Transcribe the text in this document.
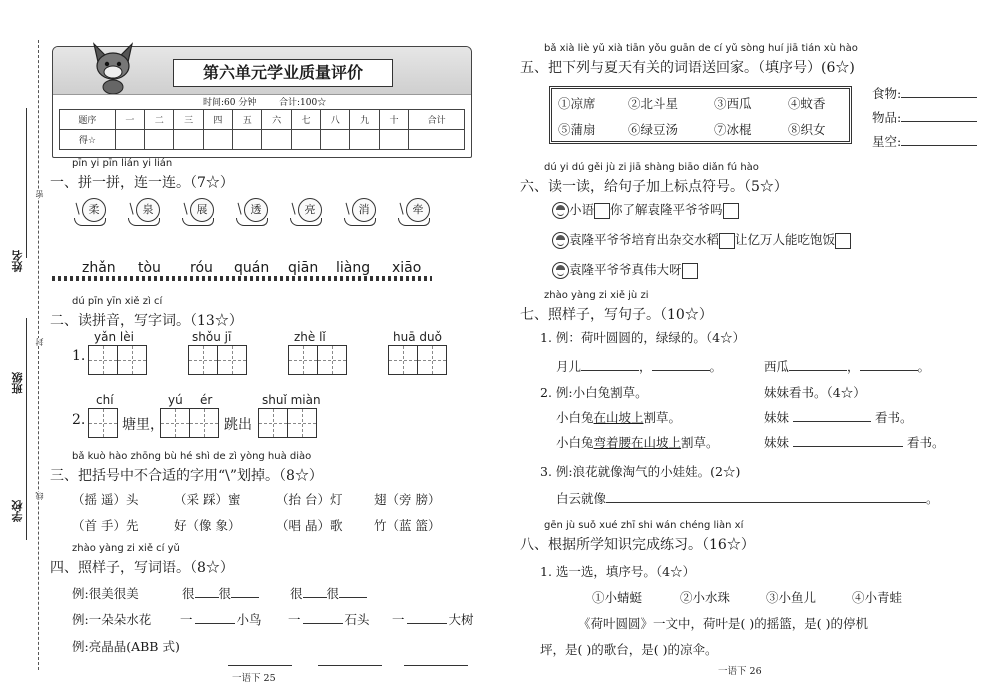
姓名
班级
学校
密
封
线
第六单元学业质量评价
时间:60 分钟	合计:100☆
题序	一	二	三	四	五	六	七	八	九	十	合计
得☆											
pīn yi pīn lián yi lián
一、拼一拼，连一连。（7☆）
柔	泉	展	透	亮	消	牵
zhǎn tòu róu quán qiān liàng xiāo
dú pīn yīn xiě zì cí
二、读拼音，写字词。（13☆）
1.
yǎn lèi	shǒu jī	zhè lǐ	huā duǒ
2.
chí
塘里，
yú ér
跳出
shuǐ miàn
bǎ kuò hào zhōng bù hé shì de zì yòng huà diào
三、把括号中不合适的字用“\”划掉。（8☆）
（摇 遥）头	（采 踩）蜜	（抬 台）灯	翅（旁 膀）
（首 手）先	好（像 象）	（唱 晶）歌	竹（蓝 篮）
zhào yàng zi xiě cí yǔ
四、照样子，写词语。（8☆）
例:很美很美	很 很	很 很
例:一朵朵水花 一	小鸟 一	石头 一	大树
例:亮晶晶(ABB 式)
一语下 25
bǎ xià liè yǔ xià tiān yǒu guān de cí yǔ sòng huí jiā tián xù hào
五、把下列与夏天有关的词语送回家。（填序号）(6☆)
①凉席	②北斗星	③西瓜	④蚊香
⑤蒲扇	⑥绿豆汤	⑦冰棍	⑧织女
食物:
物品:
星空:
dú yi dú gěi jù zi jiā shàng biāo diǎn fú hào
六、读一读，给句子加上标点符号。（5☆）
小语 你了解袁隆平爷爷吗
袁隆平爷爷培育出杂交水稻 让亿万人能吃饱饭
袁隆平爷爷真伟大呀
zhào yàng zi xiě jù zi
七、照样子，写句子。（10☆）
1. 例：荷叶圆圆的，绿绿的。（4☆）
月儿	，	。	西瓜	，	。
2. 例:小白兔割草。	妹妹看书。（4☆）
小白兔在山坡上割草。	妹妹	看书。
小白兔弯着腰在山坡上割草。	妹妹	看书。
3. 例:浪花就像淘气的小娃娃。(2☆)
白云就像	。
gēn jù suǒ xué zhī shi wán chéng liàn xí
八、根据所学知识完成练习。（16☆）
1. 选一选，填序号。（4☆）
①小蜻蜓	②小水珠	③小鱼儿	④小青蛙
《荷叶圆圆》一文中，荷叶是( )的摇篮，是( )的停机
坪，是( )的歌台，是( )的凉伞。
一语下 26
